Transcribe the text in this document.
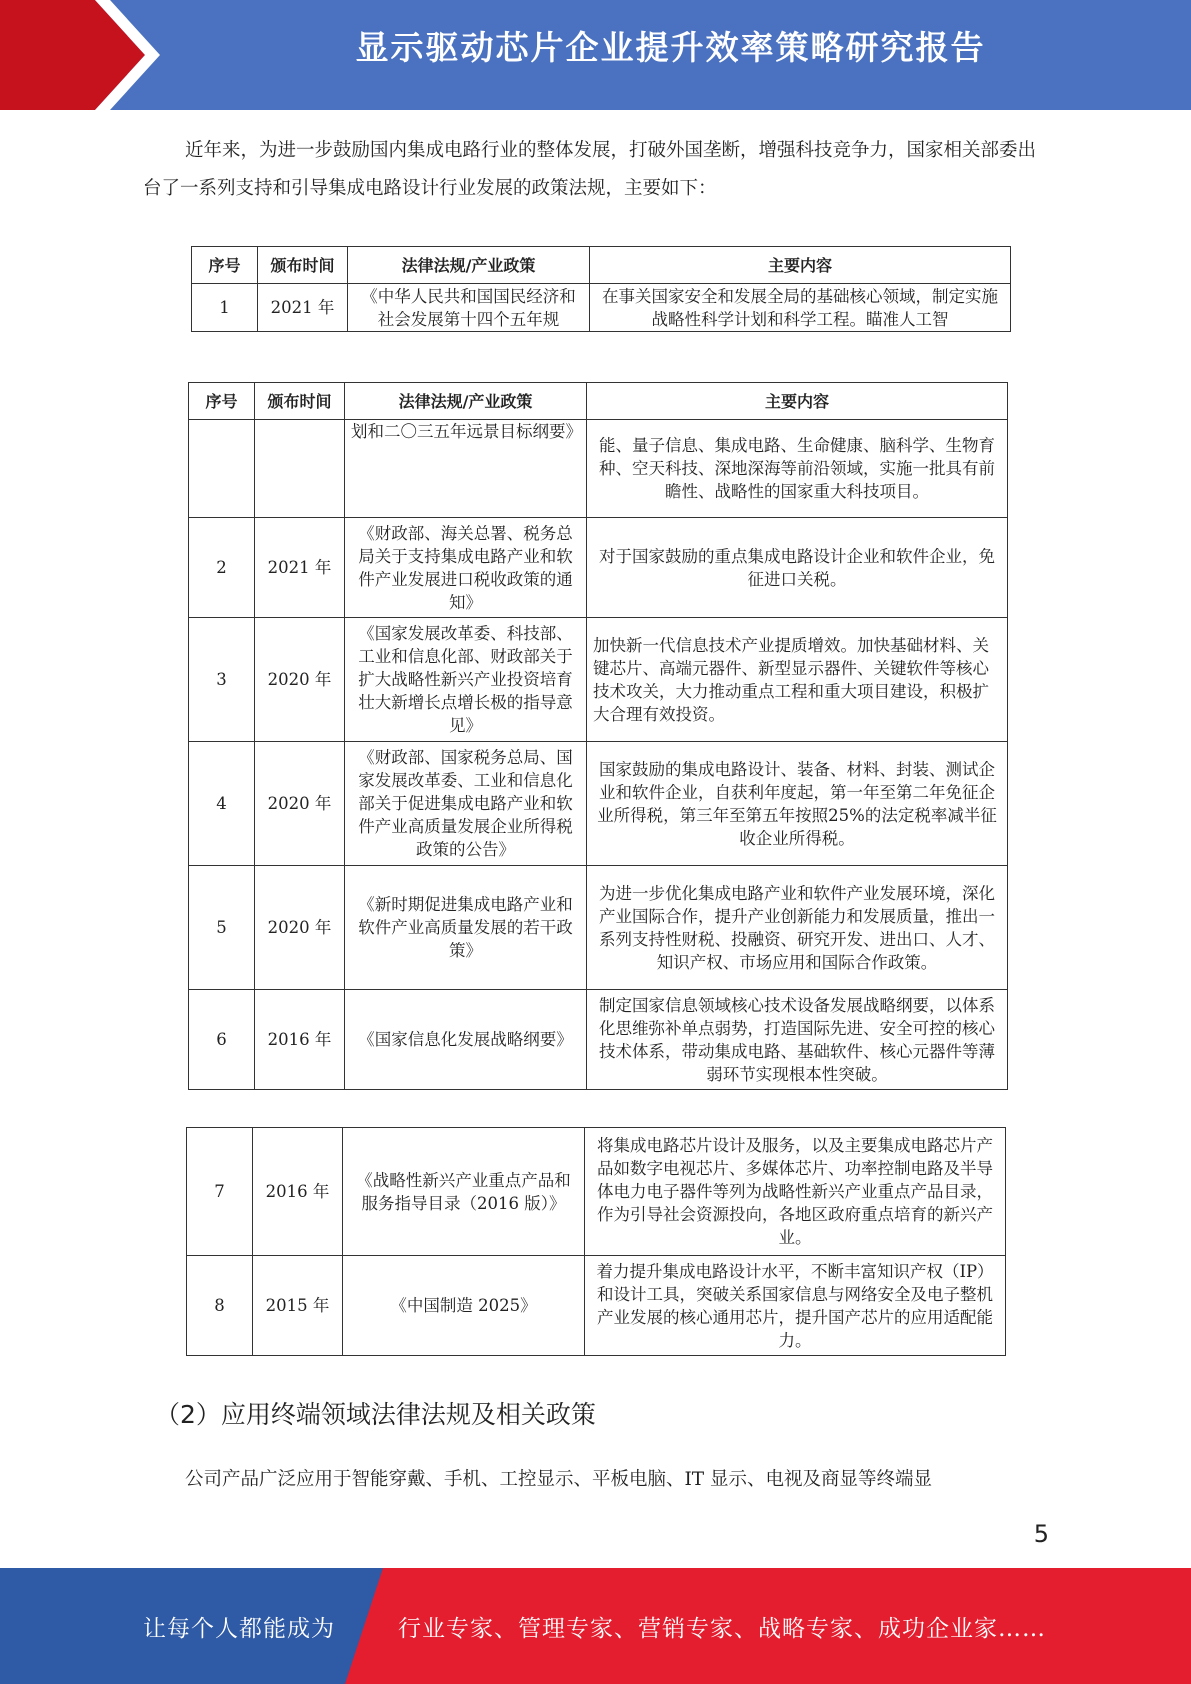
显示驱动芯片企业提升效率策略研究报告
近年来，为进一步鼓励国内集成电路行业的整体发展，打破外国垄断，增强科技竞争力，国家相关部委出台了一系列支持和引导集成电路设计行业发展的政策法规，主要如下：
序号	颁布时间	法律法规/产业政策	主要内容
1	2021 年	《中华人民共和国国民经济和社会发展第十四个五年规	在事关国家安全和发展全局的基础核心领域，制定实施战略性科学计划和科学工程。瞄准人工智
序号	颁布时间	法律法规/产业政策	主要内容
		划和二〇三五年远景目标纲要》	能、量子信息、集成电路、生命健康、脑科学、生物育种、空天科技、深地深海等前沿领域，实施一批具有前瞻性、战略性的国家重大科技项目。
2	2021 年	《财政部、海关总署、税务总局关于支持集成电路产业和软件产业发展进口税收政策的通知》	对于国家鼓励的重点集成电路设计企业和软件企业，免征进口关税。
3	2020 年	《国家发展改革委、科技部、工业和信息化部、财政部关于扩大战略性新兴产业投资培育壮大新增长点增长极的指导意见》	加快新一代信息技术产业提质增效。加快基础材料、关键芯片、高端元器件、新型显示器件、关键软件等核心技术攻关，大力推动重点工程和重大项目建设，积极扩大合理有效投资。
4	2020 年	《财政部、国家税务总局、国家发展改革委、工业和信息化部关于促进集成电路产业和软件产业高质量发展企业所得税政策的公告》	国家鼓励的集成电路设计、装备、材料、封装、测试企业和软件企业，自获利年度起，第一年至第二年免征企业所得税，第三年至第五年按照25%的法定税率减半征收企业所得税。
5	2020 年	《新时期促进集成电路产业和软件产业高质量发展的若干政策》	为进一步优化集成电路产业和软件产业发展环境，深化产业国际合作，提升产业创新能力和发展质量，推出一系列支持性财税、投融资、研究开发、进出口、人才、知识产权、市场应用和国际合作政策。
6	2016 年	《国家信息化发展战略纲要》	制定国家信息领域核心技术设备发展战略纲要，以体系化思维弥补单点弱势，打造国际先进、安全可控的核心技术体系，带动集成电路、基础软件、核心元器件等薄弱环节实现根本性突破。
7	2016 年	《战略性新兴产业重点产品和服务指导目录（2016 版）》	将集成电路芯片设计及服务，以及主要集成电路芯片产品如数字电视芯片、多媒体芯片、功率控制电路及半导体电力电子器件等列为战略性新兴产业重点产品目录，作为引导社会资源投向，各地区政府重点培育的新兴产业。
8	2015 年	《中国制造 2025》	着力提升集成电路设计水平，不断丰富知识产权（IP）和设计工具，突破关系国家信息与网络安全及电子整机产业发展的核心通用芯片，提升国产芯片的应用适配能力。
（2）应用终端领域法律法规及相关政策
公司产品广泛应用于智能穿戴、手机、工控显示、平板电脑、IT 显示、电视及商显等终端显
5
让每个人都能成为	行业专家、管理专家、营销专家、战略专家、成功企业家……
